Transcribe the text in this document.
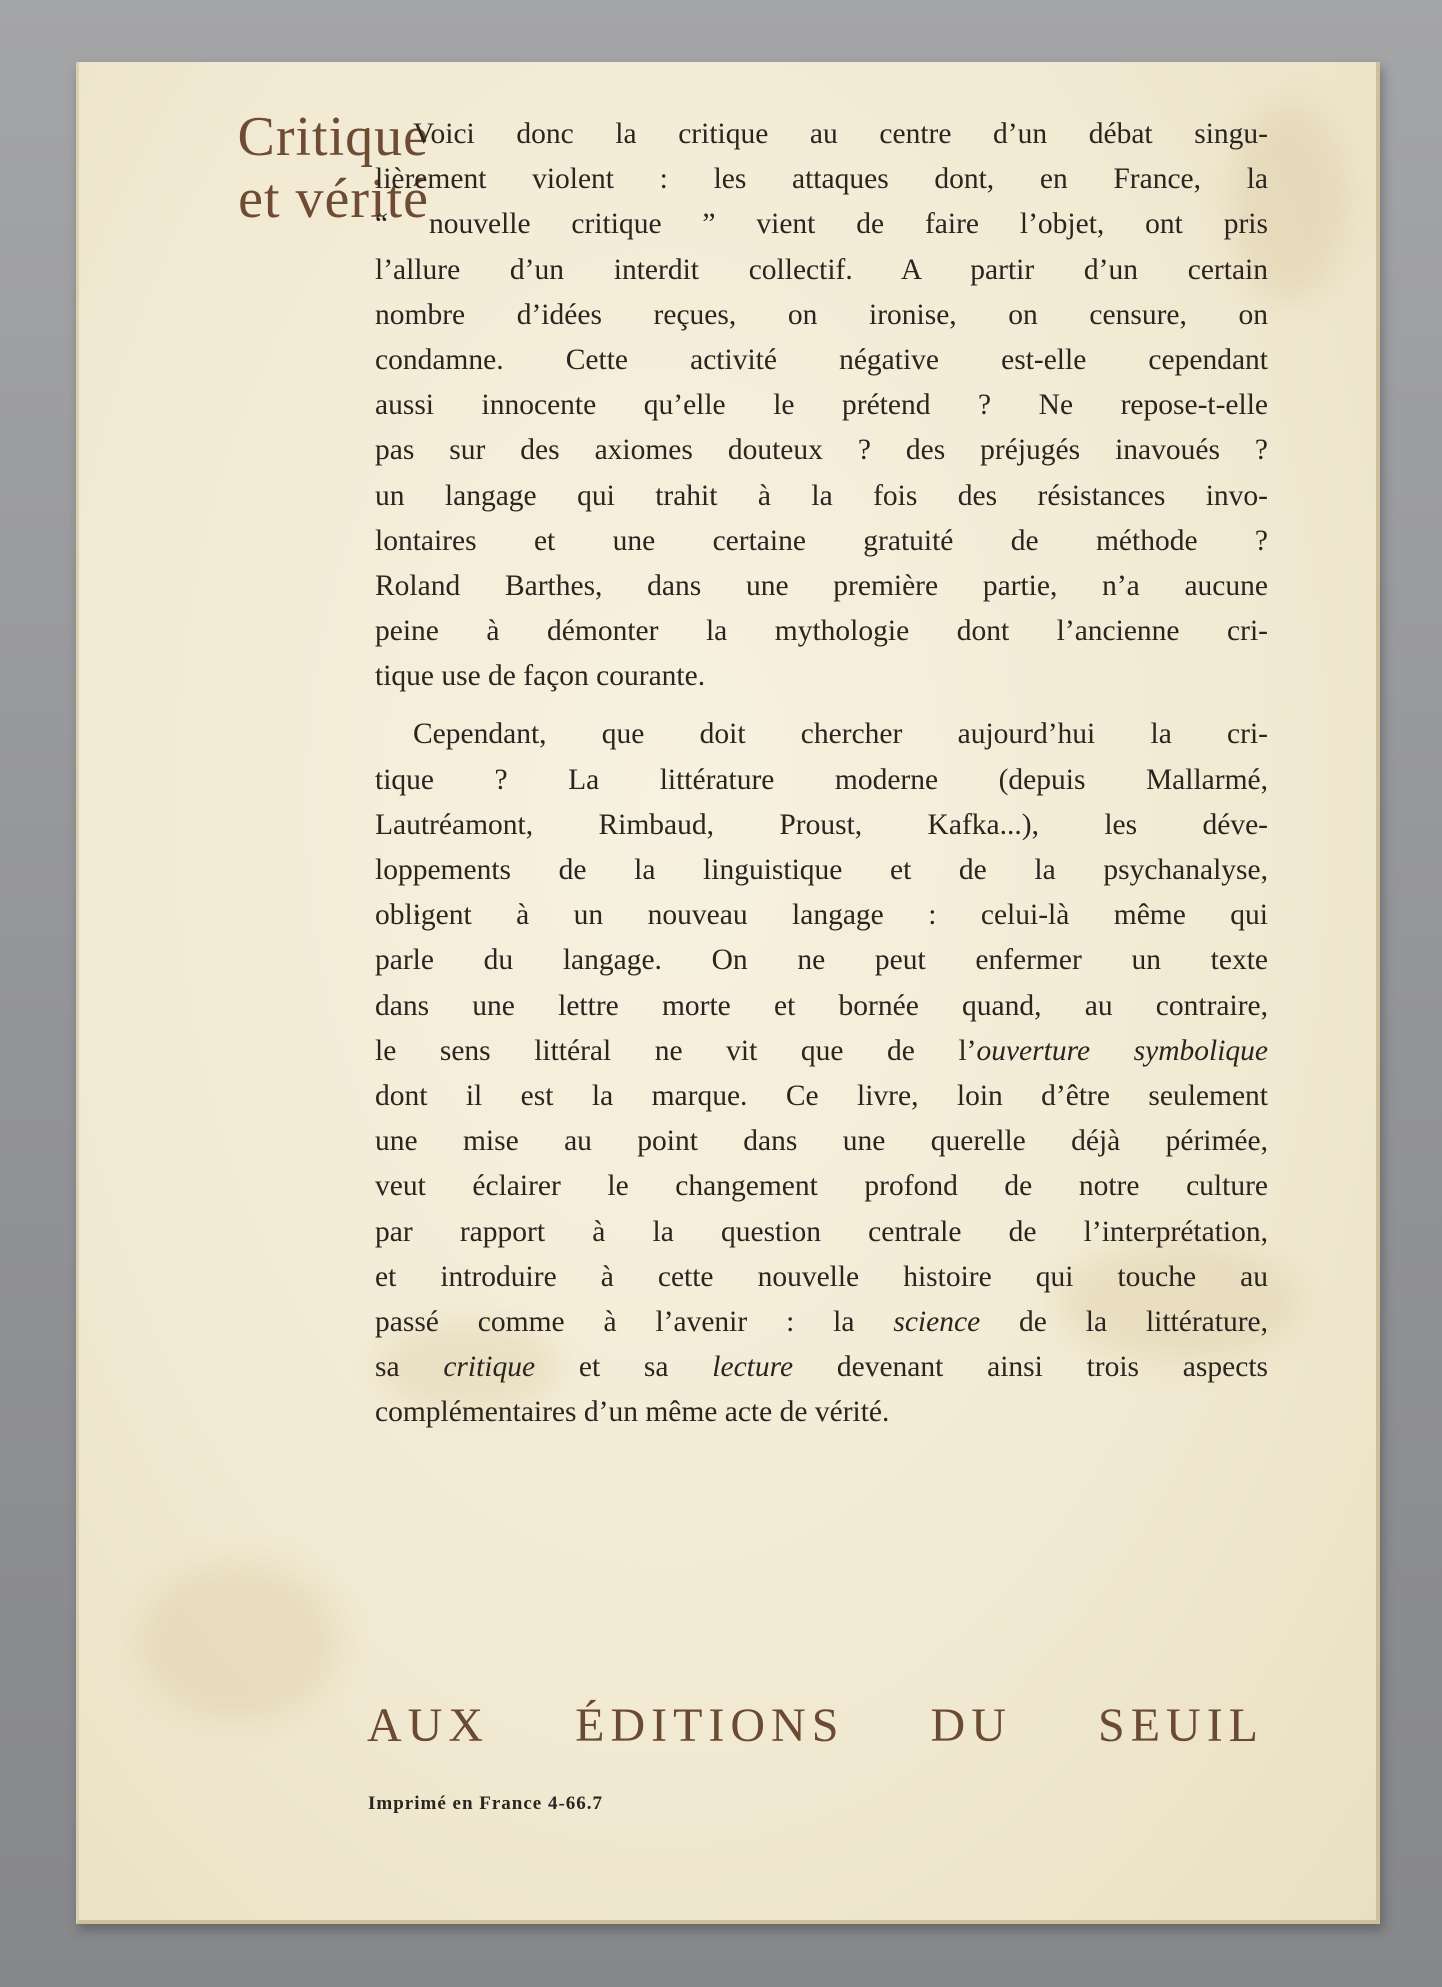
Critique
et vérité
Voici donc la critique au centre d’un débat singu-
lièrement violent : les attaques dont, en France, la
“ nouvelle critique ” vient de faire l’objet, ont pris
l’allure d’un interdit collectif. A partir d’un certain
nombre d’idées reçues, on ironise, on censure, on
condamne. Cette activité négative est-elle cependant
aussi innocente qu’elle le prétend ? Ne repose-t-elle
pas sur des axiomes douteux ? des préjugés inavoués ?
un langage qui trahit à la fois des résistances invo-
lontaires et une certaine gratuité de méthode ?
Roland Barthes, dans une première partie, n’a aucune
peine à démonter la mythologie dont l’ancienne cri-
tique use de façon courante.
Cependant, que doit chercher aujourd’hui la cri-
tique ? La littérature moderne (depuis Mallarmé,
Lautréamont, Rimbaud, Proust, Kafka...), les déve-
loppements de la linguistique et de la psychanalyse,
obligent à un nouveau langage : celui-là même qui
parle du langage. On ne peut enfermer un texte
dans une lettre morte et bornée quand, au contraire,
le sens littéral ne vit que de l’ouverture symbolique
dont il est la marque. Ce livre, loin d’être seulement
une mise au point dans une querelle déjà périmée,
veut éclairer le changement profond de notre culture
par rapport à la question centrale de l’interprétation,
et introduire à cette nouvelle histoire qui touche au
passé comme à l’avenir : la science de la littérature,
sa critique et sa lecture devenant ainsi trois aspects
complémentaires d’un même acte de vérité.
AUX ÉDITIONS DU SEUIL
Imprimé en France 4-66.7
